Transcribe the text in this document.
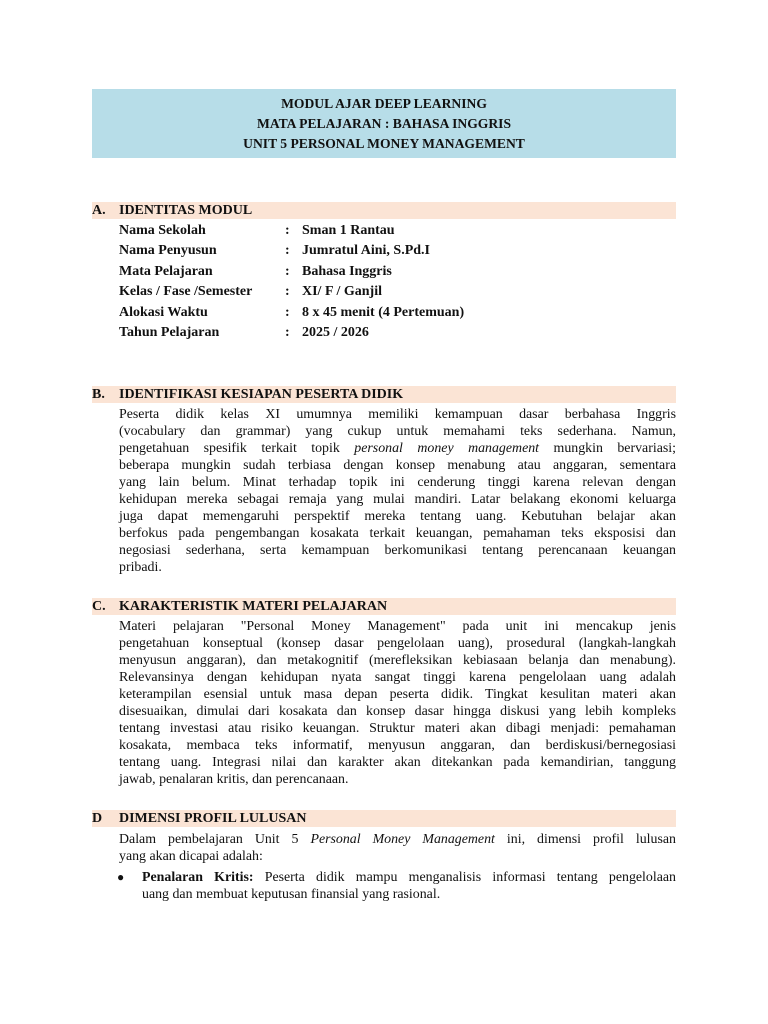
MODUL AJAR DEEP LEARNING
MATA PELAJARAN : BAHASA INGGRIS
UNIT 5 PERSONAL MONEY MANAGEMENT
A. IDENTITAS MODUL
Nama Sekolah	: Sman 1 Rantau
Nama Penyusun	: Jumratul Aini, S.Pd.I
Mata Pelajaran	: Bahasa Inggris
Kelas / Fase /Semester : XI/ F / Ganjil
Alokasi Waktu	: 8 x 45 menit (4 Pertemuan)
Tahun Pelajaran	: 2025 / 2026
B. IDENTIFIKASI KESIAPAN PESERTA DIDIK
Peserta didik kelas XI umumnya memiliki kemampuan dasar berbahasa Inggris
(vocabulary dan grammar) yang cukup untuk memahami teks sederhana. Namun,
pengetahuan spesifik terkait topik personal money management mungkin bervariasi;
beberapa mungkin sudah terbiasa dengan konsep menabung atau anggaran, sementara
yang lain belum. Minat terhadap topik ini cenderung tinggi karena relevan dengan
kehidupan mereka sebagai remaja yang mulai mandiri. Latar belakang ekonomi keluarga
juga dapat memengaruhi perspektif mereka tentang uang. Kebutuhan belajar akan
berfokus pada pengembangan kosakata terkait keuangan, pemahaman teks eksposisi dan
negosiasi sederhana, serta kemampuan berkomunikasi tentang perencanaan keuangan
pribadi.
C. KARAKTERISTIK MATERI PELAJARAN
Materi pelajaran "Personal Money Management" pada unit ini mencakup jenis
pengetahuan konseptual (konsep dasar pengelolaan uang), prosedural (langkah-langkah
menyusun anggaran), dan metakognitif (merefleksikan kebiasaan belanja dan menabung).
Relevansinya dengan kehidupan nyata sangat tinggi karena pengelolaan uang adalah
keterampilan esensial untuk masa depan peserta didik. Tingkat kesulitan materi akan
disesuaikan, dimulai dari kosakata dan konsep dasar hingga diskusi yang lebih kompleks
tentang investasi atau risiko keuangan. Struktur materi akan dibagi menjadi: pemahaman
kosakata, membaca teks informatif, menyusun anggaran, dan berdiskusi/bernegosiasi
tentang uang. Integrasi nilai dan karakter akan ditekankan pada kemandirian, tanggung
jawab, penalaran kritis, dan perencanaan.
D DIMENSI PROFIL LULUSAN
Dalam pembelajaran Unit 5 Personal Money Management ini, dimensi profil lulusan
yang akan dicapai adalah:
● Penalaran Kritis: Peserta didik mampu menganalisis informasi tentang pengelolaan
uang dan membuat keputusan finansial yang rasional.
